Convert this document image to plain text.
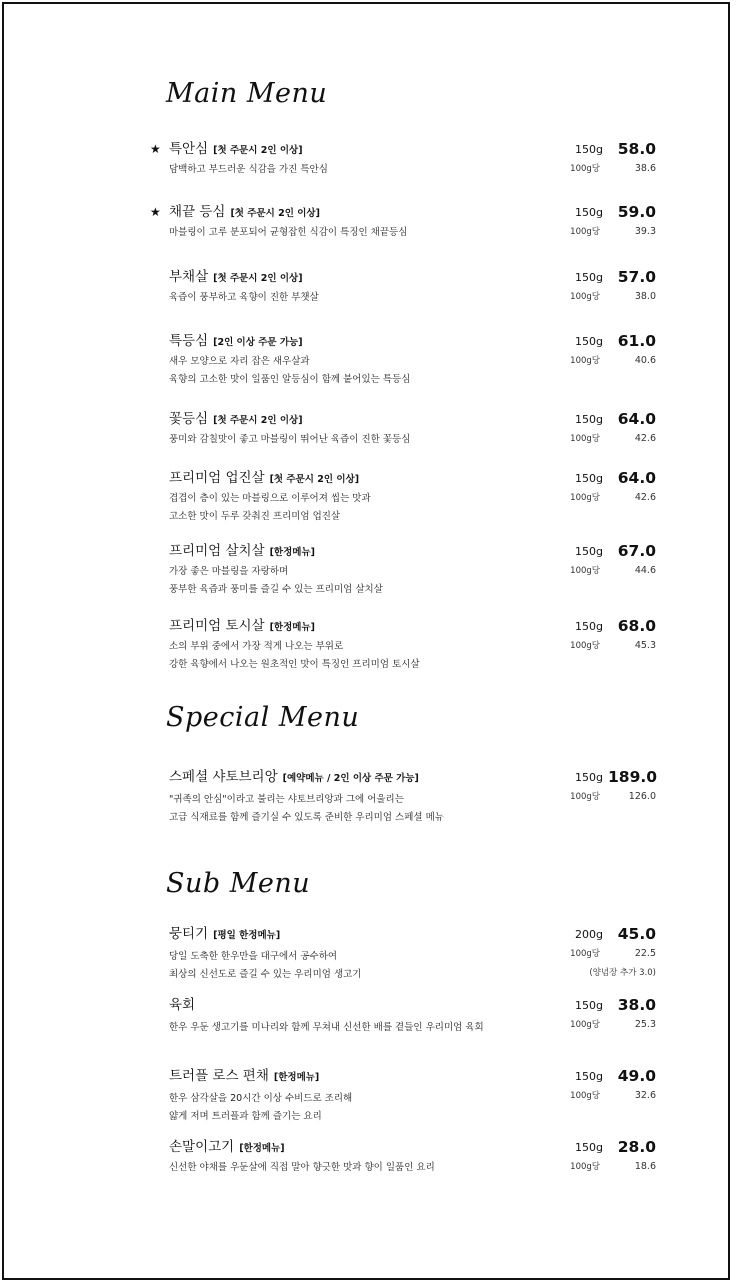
Main Menu
★ 특안심 [첫 주문시 2인 이상]	150g 58.0
담백하고 부드러운 식감을 가진 특안심	100g당	38.6
★ 채끝 등심 [첫 주문시 2인 이상]	150g 59.0
마블링이 고루 분포되어 균형잡힌 식감이 특징인 채끝등심	100g당	39.3
부채살 [첫 주문시 2인 이상]	150g 57.0
육즙이 풍부하고 육향이 진한 부챗살	100g당	38.0
특등심 [2인 이상 주문 가능]	150g 61.0
새우 모양으로 자리 잡은 새우살과
육향의 고소한 맛이 일품인 알등심이 함께 붙어있는 특등심
100g당	40.6
꽃등심 [첫 주문시 2인 이상]	150g 64.0
풍미와 감칠맛이 좋고 마블링이 뛰어난 육즙이 진한 꽃등심	100g당	42.6
프리미엄 업진살 [첫 주문시 2인 이상]	150g 64.0
겹겹이 층이 있는 마블링으로 이루어져 씹는 맛과
고소한 맛이 두루 갖춰진 프리미엄 업진살
100g당	42.6
프리미엄 살치살 [한정메뉴]	150g 67.0
가장 좋은 마블링을 자랑하며
풍부한 육즙과 풍미를 즐길 수 있는 프리미엄 살치살
100g당	44.6
프리미엄 토시살 [한정메뉴]	150g 68.0
소의 부위 중에서 가장 적게 나오는 부위로
강한 육향에서 나오는 원초적인 맛이 특징인 프리미엄 토시살
100g당	45.3
Special Menu
스페셜 샤토브리앙 [예약메뉴 / 2인 이상 주문 가능]	150g 189.0
"귀족의 안심"이라고 불리는 샤토브리앙과 그에 어울리는
고급 식재료를 함께 즐기실 수 있도록 준비한 우리미엄 스페셜 메뉴
100g당	126.0
Sub Menu
뭉티기 [평일 한정메뉴]	200g 45.0
당일 도축한 한우만을 대구에서 공수하여
최상의 신선도로 즐길 수 있는 우리미엄 생고기
100g당	22.5
(양념장 추가 3.0)
육회	150g 38.0
한우 우둔 생고기를 미나리와 함께 무쳐내 신선한 배를 곁들인 우리미엄 육회	100g당	25.3
트러플 로스 편채 [한정메뉴]	150g 49.0
한우 삼각살을 20시간 이상 수비드로 조리해
얇게 저며 트러플과 함께 즐기는 요리
100g당	32.6
손말이고기 [한정메뉴]	150g 28.0
신선한 야채를 우둔살에 직접 말아 향긋한 맛과 향이 일품인 요리	100g당	18.6
